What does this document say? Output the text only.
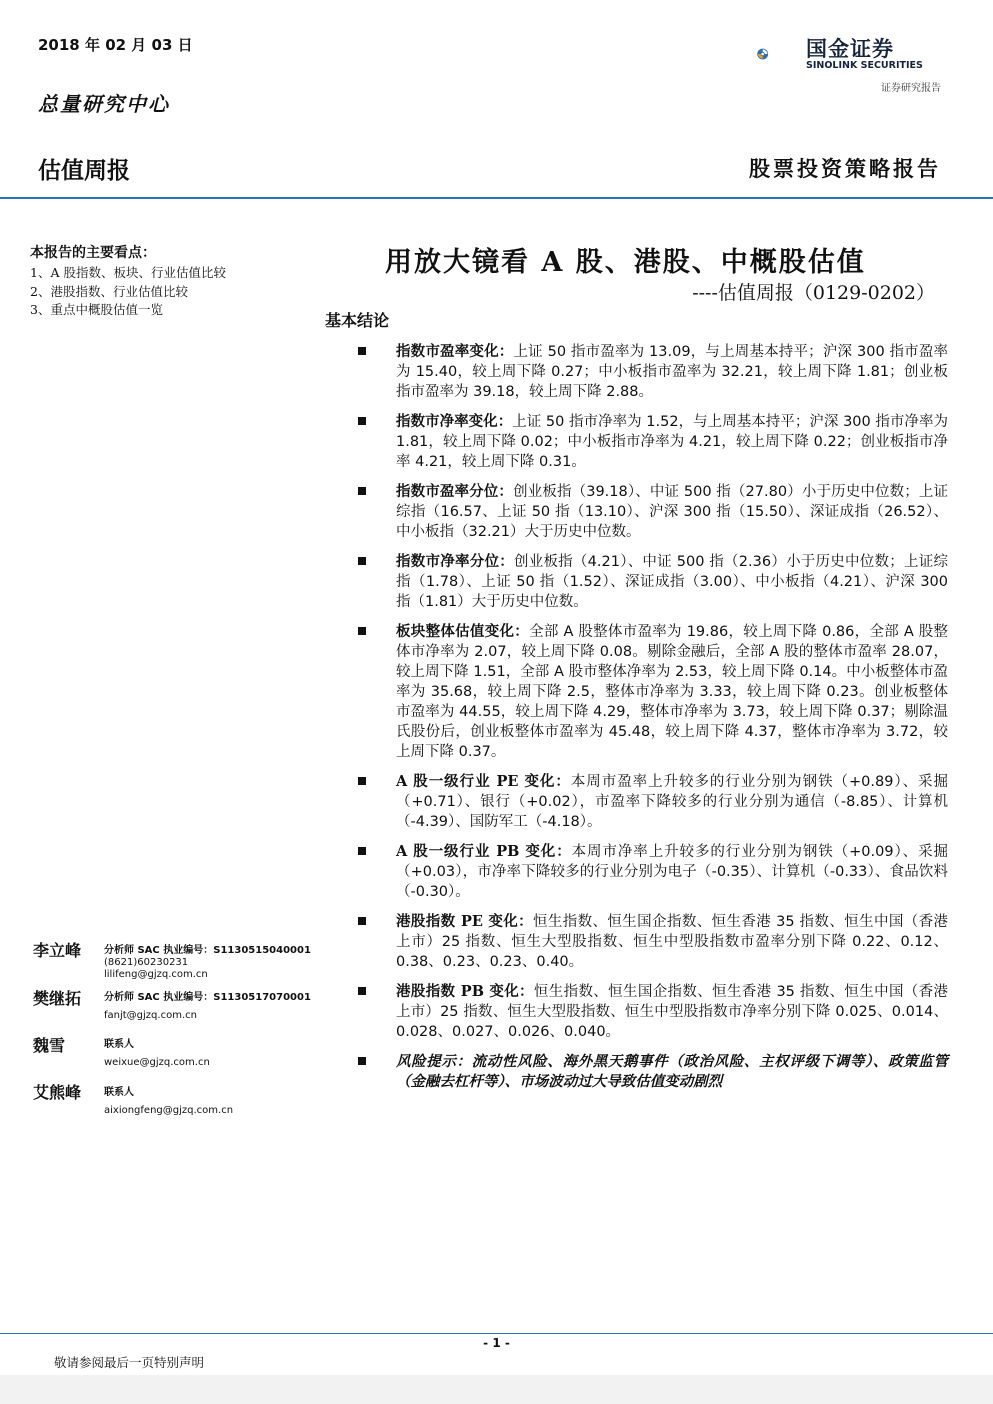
2018 年 02 月 03 日
总量研究中心
估值周报	股票投资策略报告
国金证券
SINOLINK SECURITIES
证券研究报告
本报告的主要看点：
1、A 股指数、板块、行业估值比较
2、港股指数、行业估值比较
3、重点中概股估值一览
用放大镜看 A 股、港股、中概股估值
----估值周报（0129-0202）
基本结论
指数市盈率变化：上证 50 指市盈率为 13.09，与上周基本持平；沪深 300 指市盈率为 15.40，较上周下降 0.27；中小板指市盈率为 32.21，较上周下降 1.81；创业板指市盈率为 39.18，较上周下降 2.88。
指数市净率变化：上证 50 指市净率为 1.52，与上周基本持平；沪深 300 指市净率为 1.81，较上周下降 0.02；中小板指市净率为 4.21，较上周下降 0.22；创业板指市净率 4.21，较上周下降 0.31。
指数市盈率分位：创业板指（39.18）、中证 500 指（27.80）小于历史中位数；上证综指（16.57、上证 50 指（13.10）、沪深 300 指（15.50）、深证成指（26.52）、中小板指（32.21）大于历史中位数。
指数市净率分位：创业板指（4.21）、中证 500 指（2.36）小于历史中位数；上证综指（1.78）、上证 50 指（1.52）、深证成指（3.00）、中小板指（4.21）、沪深 300 指（1.81）大于历史中位数。
板块整体估值变化：全部 A 股整体市盈率为 19.86，较上周下降 0.86，全部 A 股整体市净率为 2.07，较上周下降 0.08。剔除金融后，全部 A 股的整体市盈率 28.07，较上周下降 1.51，全部 A 股市整体净率为 2.53，较上周下降 0.14。中小板整体市盈率为 35.68，较上周下降 2.5，整体市净率为 3.33，较上周下降 0.23。创业板整体市盈率为 44.55，较上周下降 4.29，整体市净率为 3.73，较上周下降 0.37；剔除温氏股份后，创业板整体市盈率为 45.48，较上周下降 4.37，整体市净率为 3.72，较上周下降 0.37。
A 股一级行业 PE 变化：本周市盈率上升较多的行业分别为钢铁（+0.89）、采掘（+0.71）、银行（+0.02），市盈率下降较多的行业分别为通信（-8.85）、计算机（-4.39）、国防军工（-4.18）。
A 股一级行业 PB 变化：本周市净率上升较多的行业分别为钢铁（+0.09）、采掘（+0.03），市净率下降较多的行业分别为电子（-0.35）、计算机（-0.33）、食品饮料（-0.30）。
港股指数 PE 变化：恒生指数、恒生国企指数、恒生香港 35 指数、恒生中国（香港上市）25 指数、恒生大型股指数、恒生中型股指数市盈率分别下降 0.22、0.12、0.38、0.23、0.23、0.40。
港股指数 PB 变化：恒生指数、恒生国企指数、恒生香港 35 指数、恒生中国（香港上市）25 指数、恒生大型股指数、恒生中型股指数市净率分别下降 0.025、0.014、0.028、0.027、0.026、0.040。
风险提示：流动性风险、海外黑天鹅事件（政治风险、主权评级下调等）、政策监管（金融去杠杆等）、市场波动过大导致估值变动剧烈
李立峰 分析师 SAC 执业编号：S1130515040001
(8621)60230231
lilifeng@gjzq.com.cn
樊继拓 分析师 SAC 执业编号：S1130517070001
fanjt@gjzq.com.cn
魏雪	联系人
weixue@gjzq.com.cn
艾熊峰 联系人
aixiongfeng@gjzq.com.cn
- 1 -
敬请参阅最后一页特别声明
